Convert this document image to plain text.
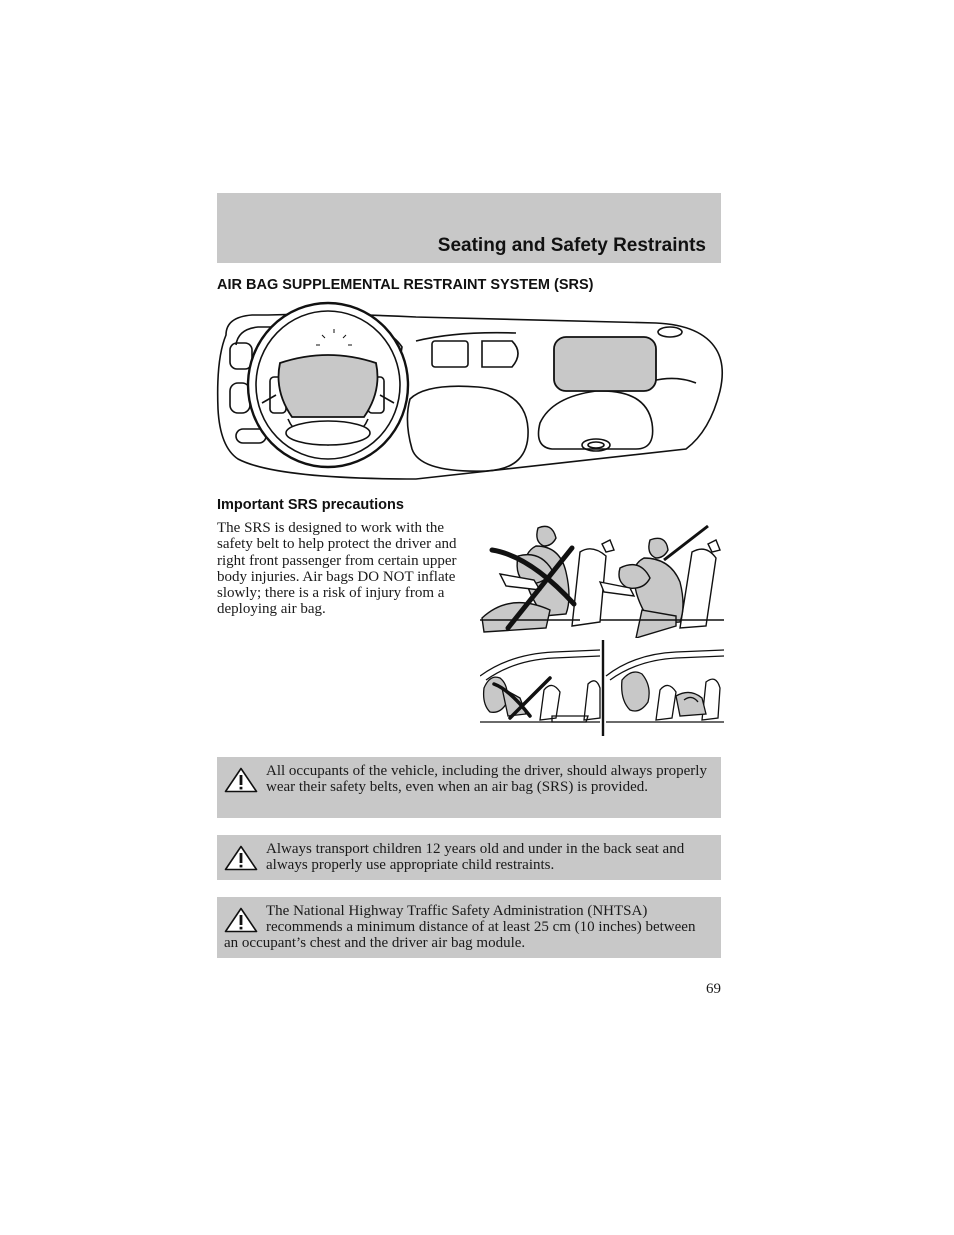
Seating and Safety Restraints
AIR BAG SUPPLEMENTAL RESTRAINT SYSTEM (SRS)
Important SRS precautions
The SRS is designed to work with the safety belt to help protect the driver and right front passenger from certain upper body injuries. Air bags DO NOT inflate slowly; there is a risk of injury from a deploying air bag.
All occupants of the vehicle, including the driver, should always properly wear their safety belts, even when an air bag (SRS) is provided.
Always transport children 12 years old and under in the back seat and always properly use appropriate child restraints.
The National Highway Traffic Safety Administration (NHTSA) recommends a minimum distance of at least 25 cm (10 inches) between an occupant’s chest and the driver air bag module.
69
